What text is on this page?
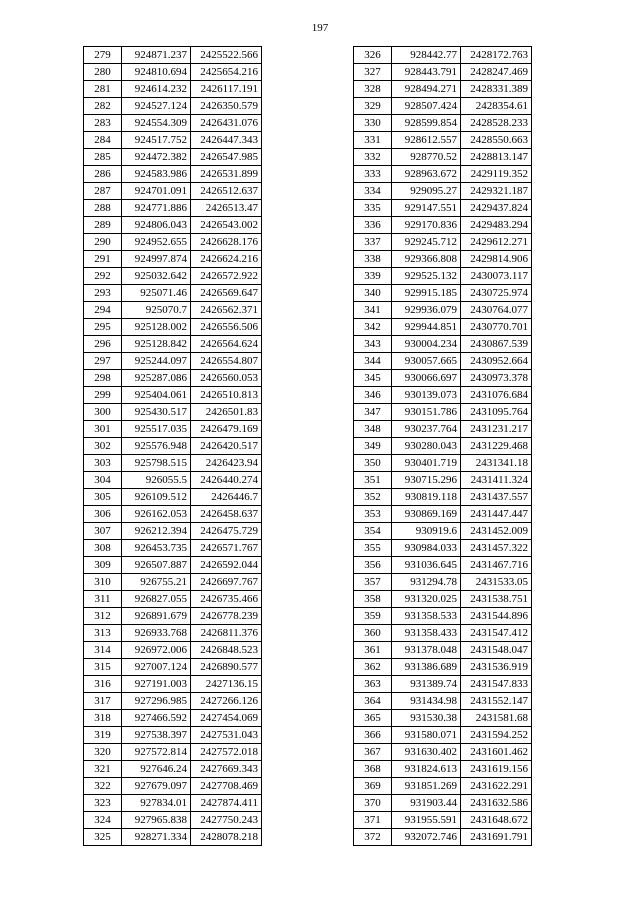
197
279	924871.237	2425522.566
280	924810.694	2425654.216
281	924614.232	2426117.191
282	924527.124	2426350.579
283	924554.309	2426431.076
284	924517.752	2426447.343
285	924472.382	2426547.985
286	924583.986	2426531.899
287	924701.091	2426512.637
288	924771.886	2426513.47
289	924806.043	2426543.002
290	924952.655	2426628.176
291	924997.874	2426624.216
292	925032.642	2426572.922
293	925071.46	2426569.647
294	925070.7	2426562.371
295	925128.002	2426556.506
296	925128.842	2426564.624
297	925244.097	2426554.807
298	925287.086	2426560.053
299	925404.061	2426510.813
300	925430.517	2426501.83
301	925517.035	2426479.169
302	925576.948	2426420.517
303	925798.515	2426423.94
304	926055.5	2426440.274
305	926109.512	2426446.7
306	926162.053	2426458.637
307	926212.394	2426475.729
308	926453.735	2426571.767
309	926507.887	2426592.044
310	926755.21	2426697.767
311	926827.055	2426735.466
312	926891.679	2426778.239
313	926933.768	2426811.376
314	926972.006	2426848.523
315	927007.124	2426890.577
316	927191.003	2427136.15
317	927296.985	2427266.126
318	927466.592	2427454.069
319	927538.397	2427531.043
320	927572.814	2427572.018
321	927646.24	2427669.343
322	927679.097	2427708.469
323	927834.01	2427874.411
324	927965.838	2427750.243
325	928271.334	2428078.218
326	928442.77	2428172.763
327	928443.791	2428247.469
328	928494.271	2428331.389
329	928507.424	2428354.61
330	928599.854	2428528.233
331	928612.557	2428550.663
332	928770.52	2428813.147
333	928963.672	2429119.352
334	929095.27	2429321.187
335	929147.551	2429437.824
336	929170.836	2429483.294
337	929245.712	2429612.271
338	929366.808	2429814.906
339	929525.132	2430073.117
340	929915.185	2430725.974
341	929936.079	2430764.077
342	929944.851	2430770.701
343	930004.234	2430867.539
344	930057.665	2430952.664
345	930066.697	2430973.378
346	930139.073	2431076.684
347	930151.786	2431095.764
348	930237.764	2431231.217
349	930280.043	2431229.468
350	930401.719	2431341.18
351	930715.296	2431411.324
352	930819.118	2431437.557
353	930869.169	2431447.447
354	930919.6	2431452.009
355	930984.033	2431457.322
356	931036.645	2431467.716
357	931294.78	2431533.05
358	931320.025	2431538.751
359	931358.533	2431544.896
360	931358.433	2431547.412
361	931378.048	2431548.047
362	931386.689	2431536.919
363	931389.74	2431547.833
364	931434.98	2431552.147
365	931530.38	2431581.68
366	931580.071	2431594.252
367	931630.402	2431601.462
368	931824.613	2431619.156
369	931851.269	2431622.291
370	931903.44	2431632.586
371	931955.591	2431648.672
372	932072.746	2431691.791
